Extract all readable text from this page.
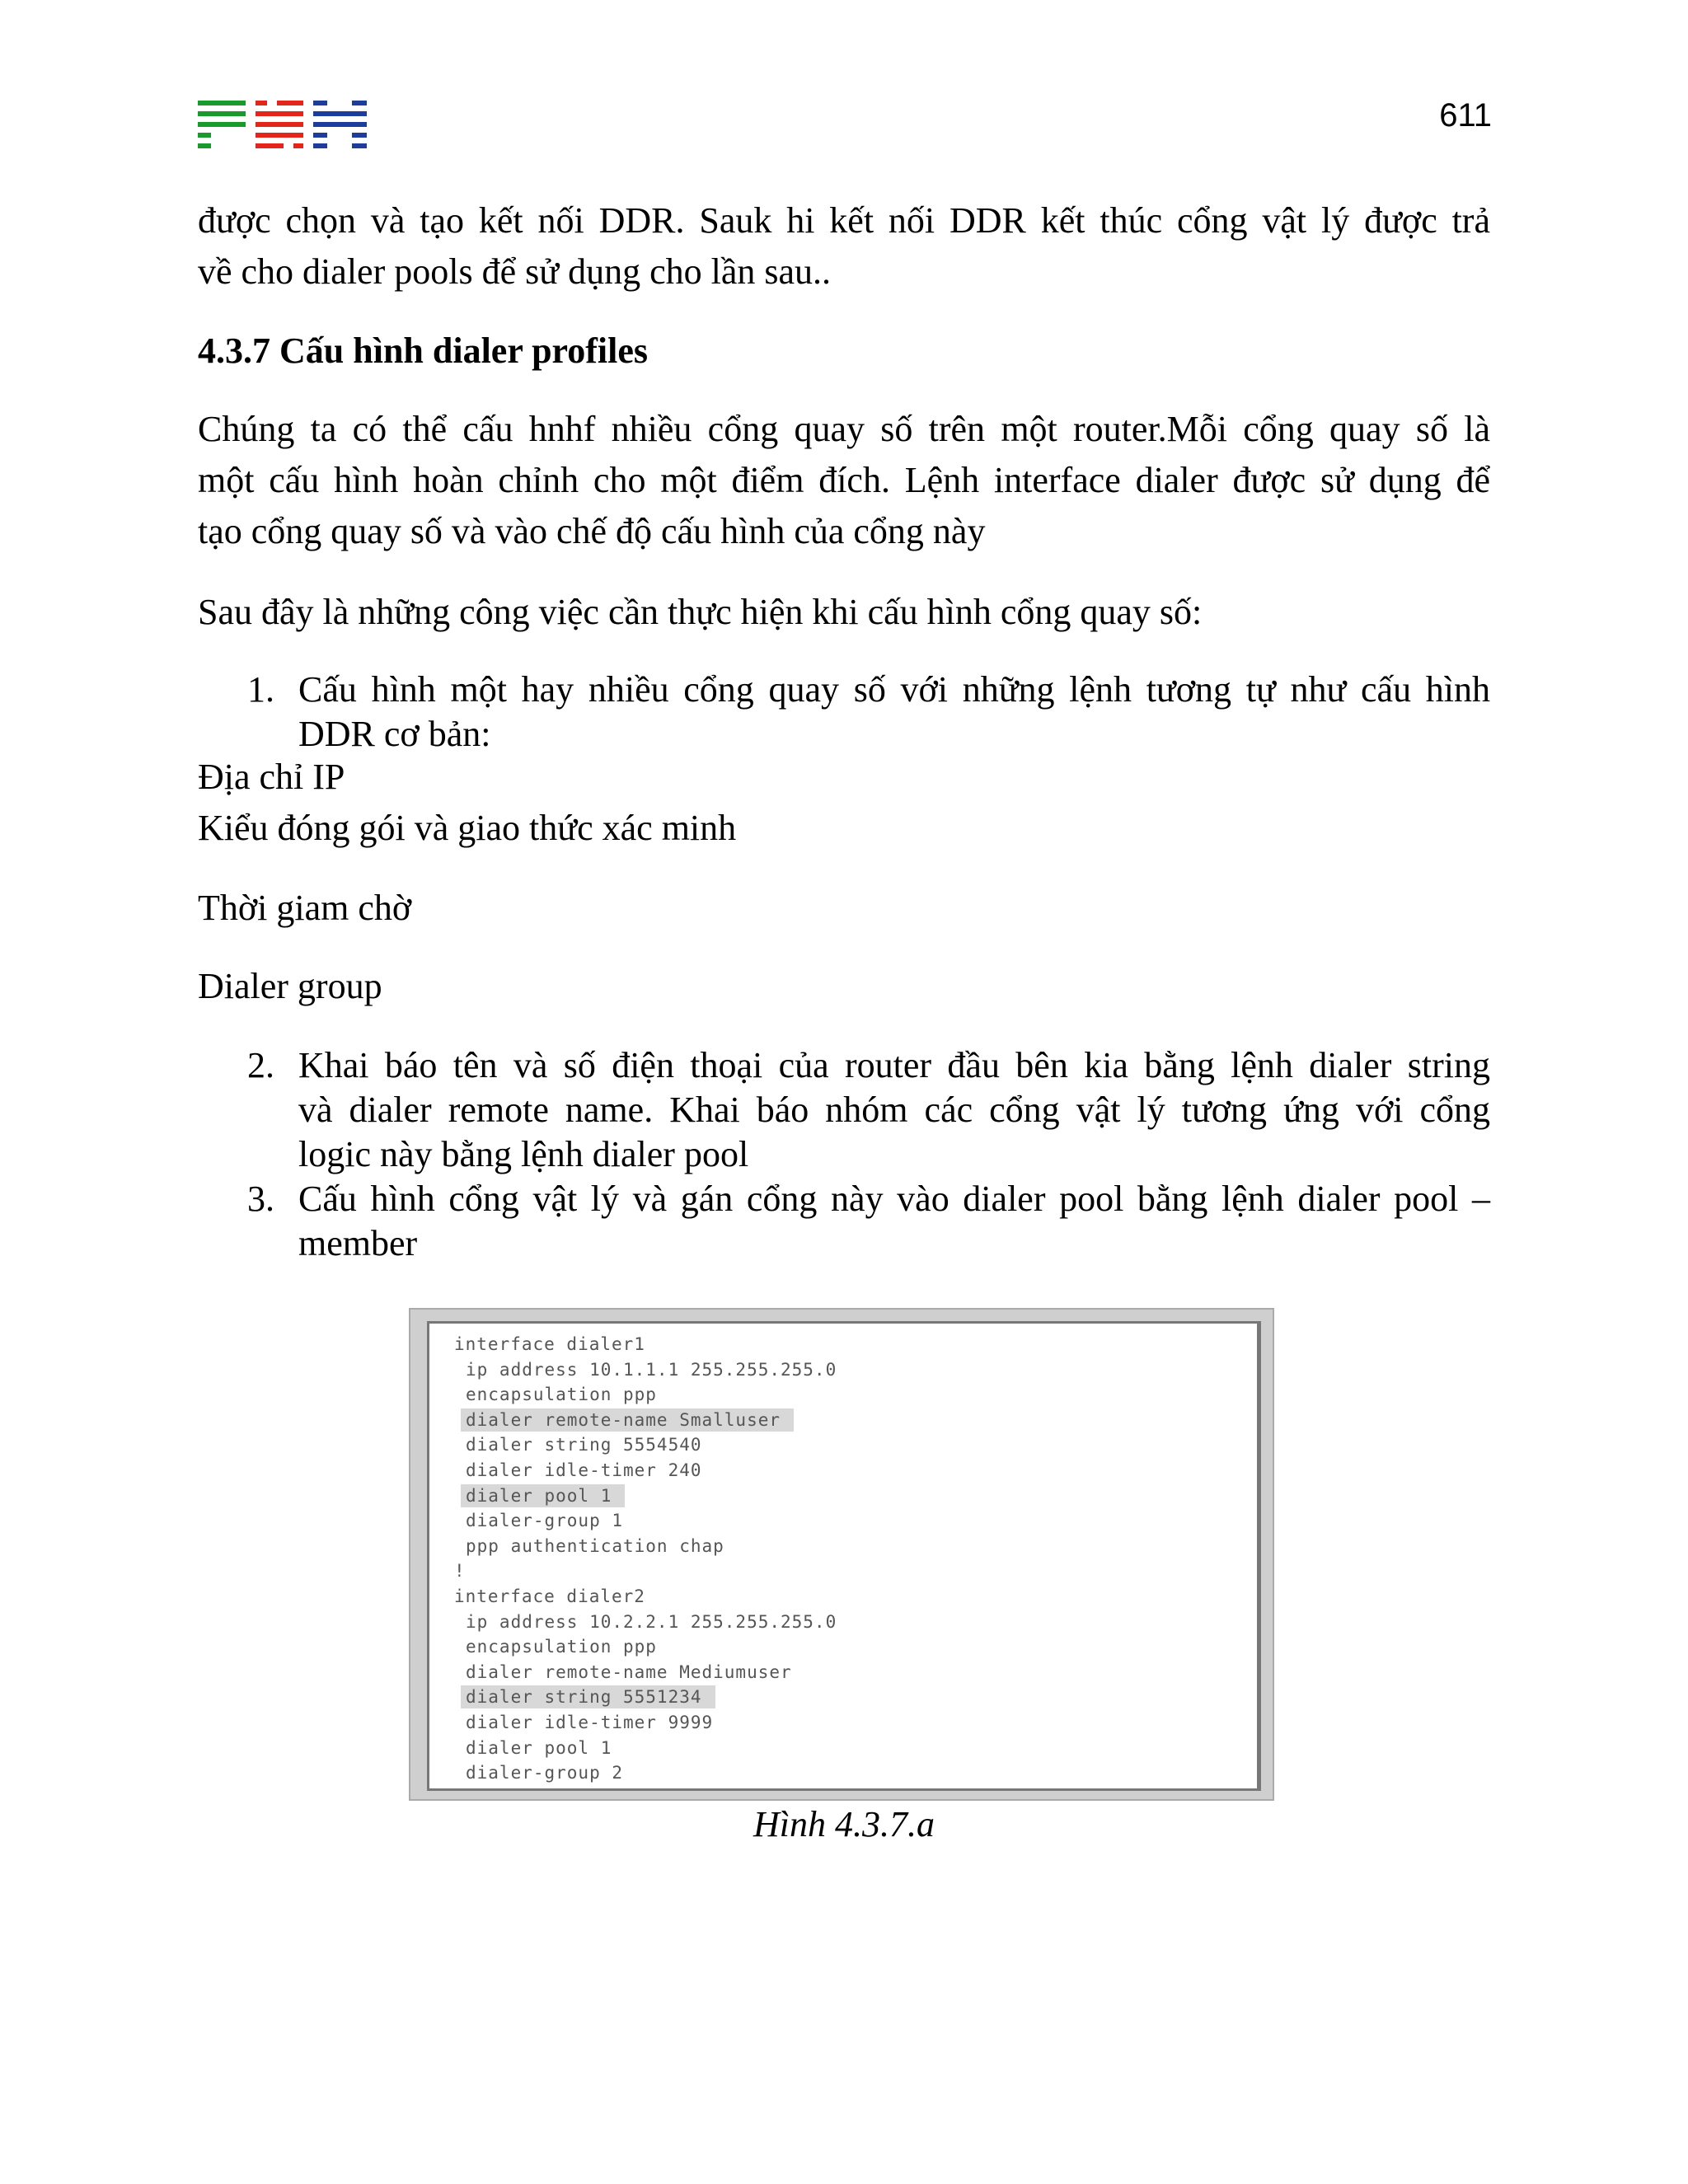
611
được chọn và tạo kết nối DDR. Sauk hi kết nối DDR kết thúc cổng vật lý được trả
về cho dialer pools để sử dụng cho lần sau..
4.3.7 Cấu hình dialer profiles
Chúng ta có thể cấu hnhf nhiều cổng quay số trên một router.Mỗi cổng quay số là
một cấu hình hoàn chỉnh cho một điểm đích. Lệnh interface dialer được sử dụng để
tạo cổng quay số và vào chế độ cấu hình của cổng này
Sau đây là những công việc cần thực hiện khi cấu hình cổng quay số:
1. Cấu hình một hay nhiều cổng quay số với những lệnh tương tự như cấu hình
DDR cơ bản:
Địa chỉ IP
Kiểu đóng gói và giao thức xác minh
Thời giam chờ
Dialer group
2. Khai báo tên và số điện thoại của router đầu bên kia bằng lệnh dialer string
và dialer remote name. Khai báo nhóm các cổng vật lý tương ứng với cổng
logic này bằng lệnh dialer pool
3. Cấu hình cổng vật lý và gán cổng này vào dialer pool bằng lệnh dialer pool –
member
interface dialer1
ip address 10.1.1.1 255.255.255.0
encapsulation ppp
dialer remote-name Smalluser
dialer string 5554540
dialer idle-timer 240
dialer pool 1
dialer-group 1
ppp authentication chap
!
interface dialer2
ip address 10.2.2.1 255.255.255.0
encapsulation ppp
dialer remote-name Mediumuser
dialer string 5551234
dialer idle-timer 9999
dialer pool 1
dialer-group 2
Hình 4.3.7.a
